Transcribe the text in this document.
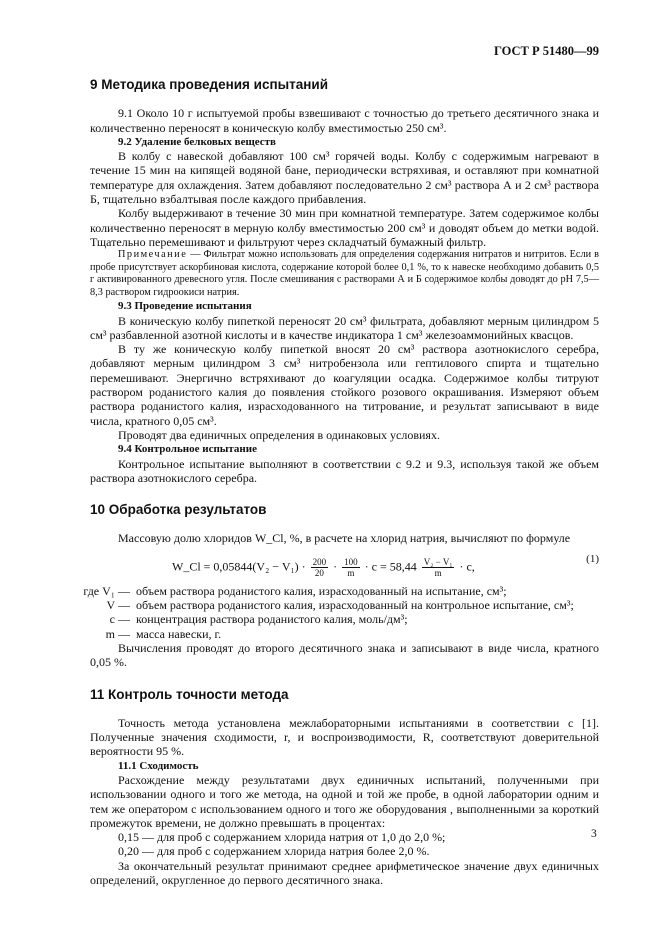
ГОСТ Р 51480—99
9 Методика проведения испытаний

9.1 Около 10 г испытуемой пробы взвешивают с точностью до третьего десятичного знака и количественно переносят в коническую колбу вместимостью 250 см³.

9.2 Удаление белковых веществ

В колбу с навеской добавляют 100 см³ горячей воды. Колбу с содержимым нагревают в течение 15 мин на кипящей водяной бане, периодически встряхивая, и оставляют при комнатной температуре для охлаждения. Затем добавляют последовательно 2 см³ раствора А и 2 см³ раствора Б, тщательно взбалтывая после каждого прибавления.

Колбу выдерживают в течение 30 мин при комнатной температуре. Затем содержимое колбы количественно переносят в мерную колбу вместимостью 200 см³ и доводят объем до метки водой. Тщательно перемешивают и фильтруют через складчатый бумажный фильтр.

Примечание — Фильтрат можно использовать для определения содержания нитратов и нитритов. Если в пробе присутствует аскорбиновая кислота, содержание которой более 0,1 %, то к навеске необходимо добавить 0,5 г активированного древесного угля. После смешивания с растворами А и Б содержимое колбы доводят до рН 7,5—8,3 раствором гидроокиси натрия.

9.3 Проведение испытания

В коническую колбу пипеткой переносят 20 см³ фильтрата, добавляют мерным цилиндром 5 см³ разбавленной азотной кислоты и в качестве индикатора 1 см³ железоаммонийных квасцов.

В ту же коническую колбу пипеткой вносят 20 см³ раствора азотнокислого серебра, добавляют мерным цилиндром 3 см³ нитробензола или гептилового спирта и тщательно перемешивают. Энергично встряхивают до коагуляции осадка. Содержимое колбы титруют раствором роданистого калия до появления стойкого розового окрашивания. Измеряют объем раствора роданистого калия, израсходованного на титрование, и результат записывают в виде числа, кратного 0,05 см³.

Проводят два единичных определения в одинаковых условиях.

9.4 Контрольное испытание

Контрольное испытание выполняют в соответствии с 9.2 и 9.3, используя такой же объем раствора азотнокислого серебра.

10 Обработка результатов

Массовую долю хлоридов W_Cl, %, в расчете на хлорид натрия, вычисляют по формуле

W_Cl = $0,05844(V_2 - V_1) \cdot \frac{200}{20} \cdot \frac{100}{m} \cdot c = 58,44 \frac{\text{V₂ − V₁}}{m} \cdot c$,
(1)
где V₁ — объем раствора роданистого калия, израсходованный на испытание, см³;
V — объем раствора роданистого калия, израсходованный на контрольное испытание, см³;
c — концентрация раствора роданистого калия, моль/дм³;
m — масса навески, г.

Вычисления проводят до второго десятичного знака и записывают в виде числа, кратного 0,05 %.

11 Контроль точности метода

Точность метода установлена межлабораторными испытаниями в соответствии с [1]. Полученные значения сходимости, r, и воспроизводимости, R, соответствуют доверительной вероятности 95 %.

11.1 Сходимость

Расхождение между результатами двух единичных испытаний, полученными при использовании одного и того же метода, на одной и той же пробе, в одной лаборатории одним и тем же оператором с использованием одного и того же оборудования , выполненными за короткий промежуток времени, не должно превышать в процентах:

0,15 — для проб с содержанием хлорида натрия от 1,0 до 2,0 %;

0,20 — для проб с содержанием хлорида натрия более 2,0 %.

За окончательный результат принимают среднее арифметическое значение двух единичных определений, округленное до первого десятичного знака.

3
